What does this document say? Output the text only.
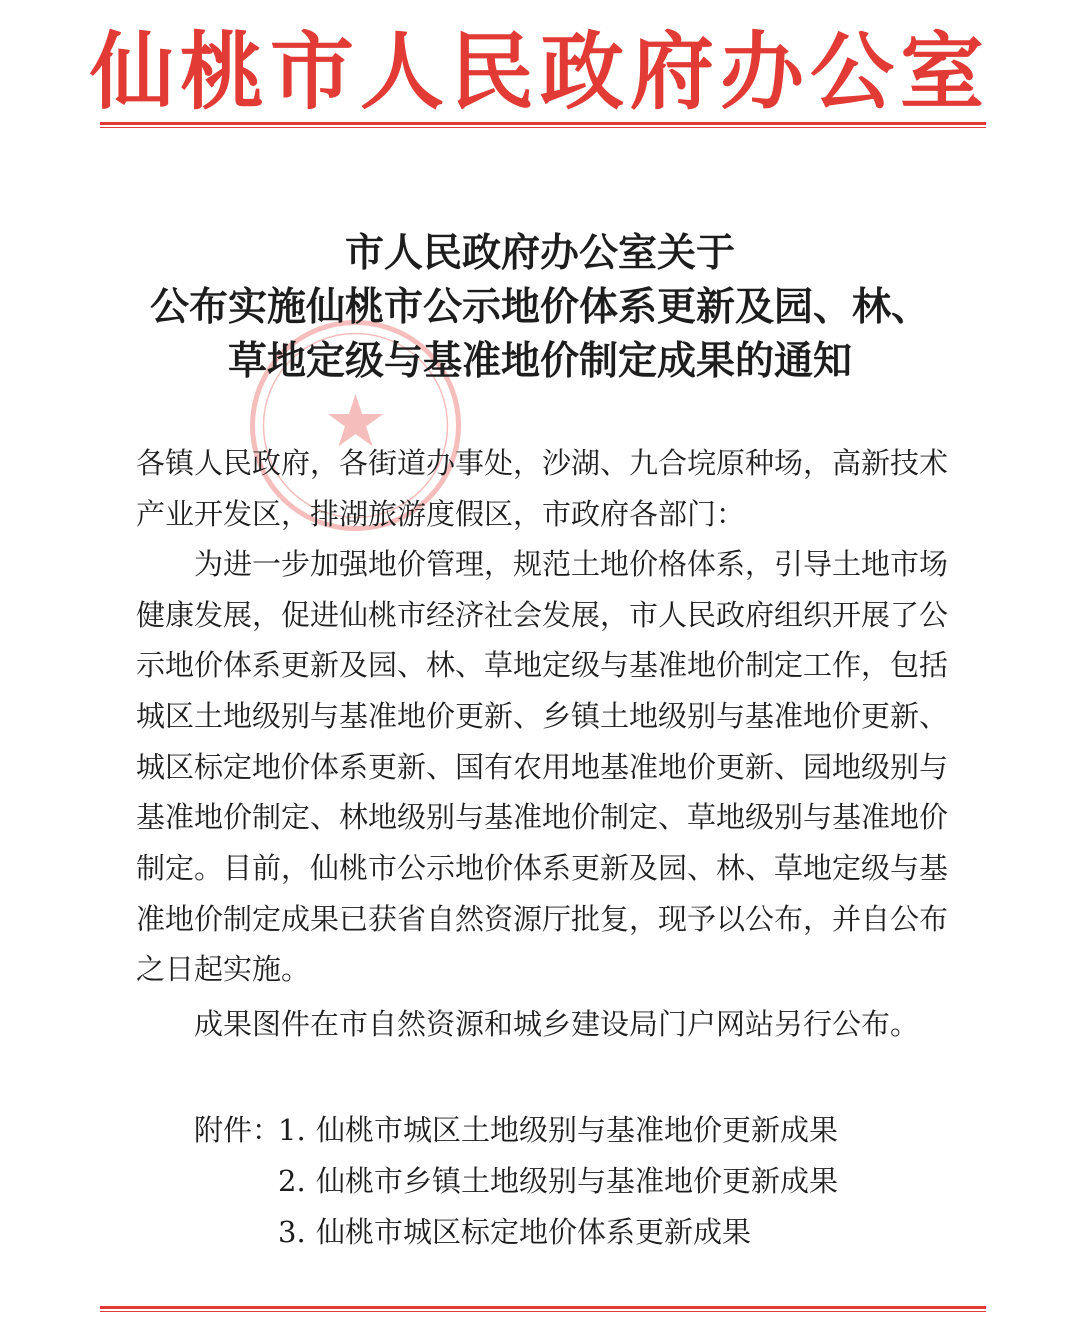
仙桃市人民政府办公室
★
市人民政府办公室关于
公布实施仙桃市公示地价体系更新及园、林、
草地定级与基准地价制定成果的通知
各镇人民政府，各街道办事处，沙湖、九合垸原种场，高新技术
产业开发区，排湖旅游度假区，市政府各部门：
为进一步加强地价管理，规范土地价格体系，引导土地市场
健康发展，促进仙桃市经济社会发展，市人民政府组织开展了公
示地价体系更新及园、林、草地定级与基准地价制定工作，包括
城区土地级别与基准地价更新、乡镇土地级别与基准地价更新、
城区标定地价体系更新、国有农用地基准地价更新、园地级别与
基准地价制定、林地级别与基准地价制定、草地级别与基准地价
制定。目前，仙桃市公示地价体系更新及园、林、草地定级与基
准地价制定成果已获省自然资源厅批复，现予以公布，并自公布
之日起实施。
成果图件在市自然资源和城乡建设局门户网站另行公布。
附件：
1. 仙桃市城区土地级别与基准地价更新成果
2. 仙桃市乡镇土地级别与基准地价更新成果
3. 仙桃市城区标定地价体系更新成果
